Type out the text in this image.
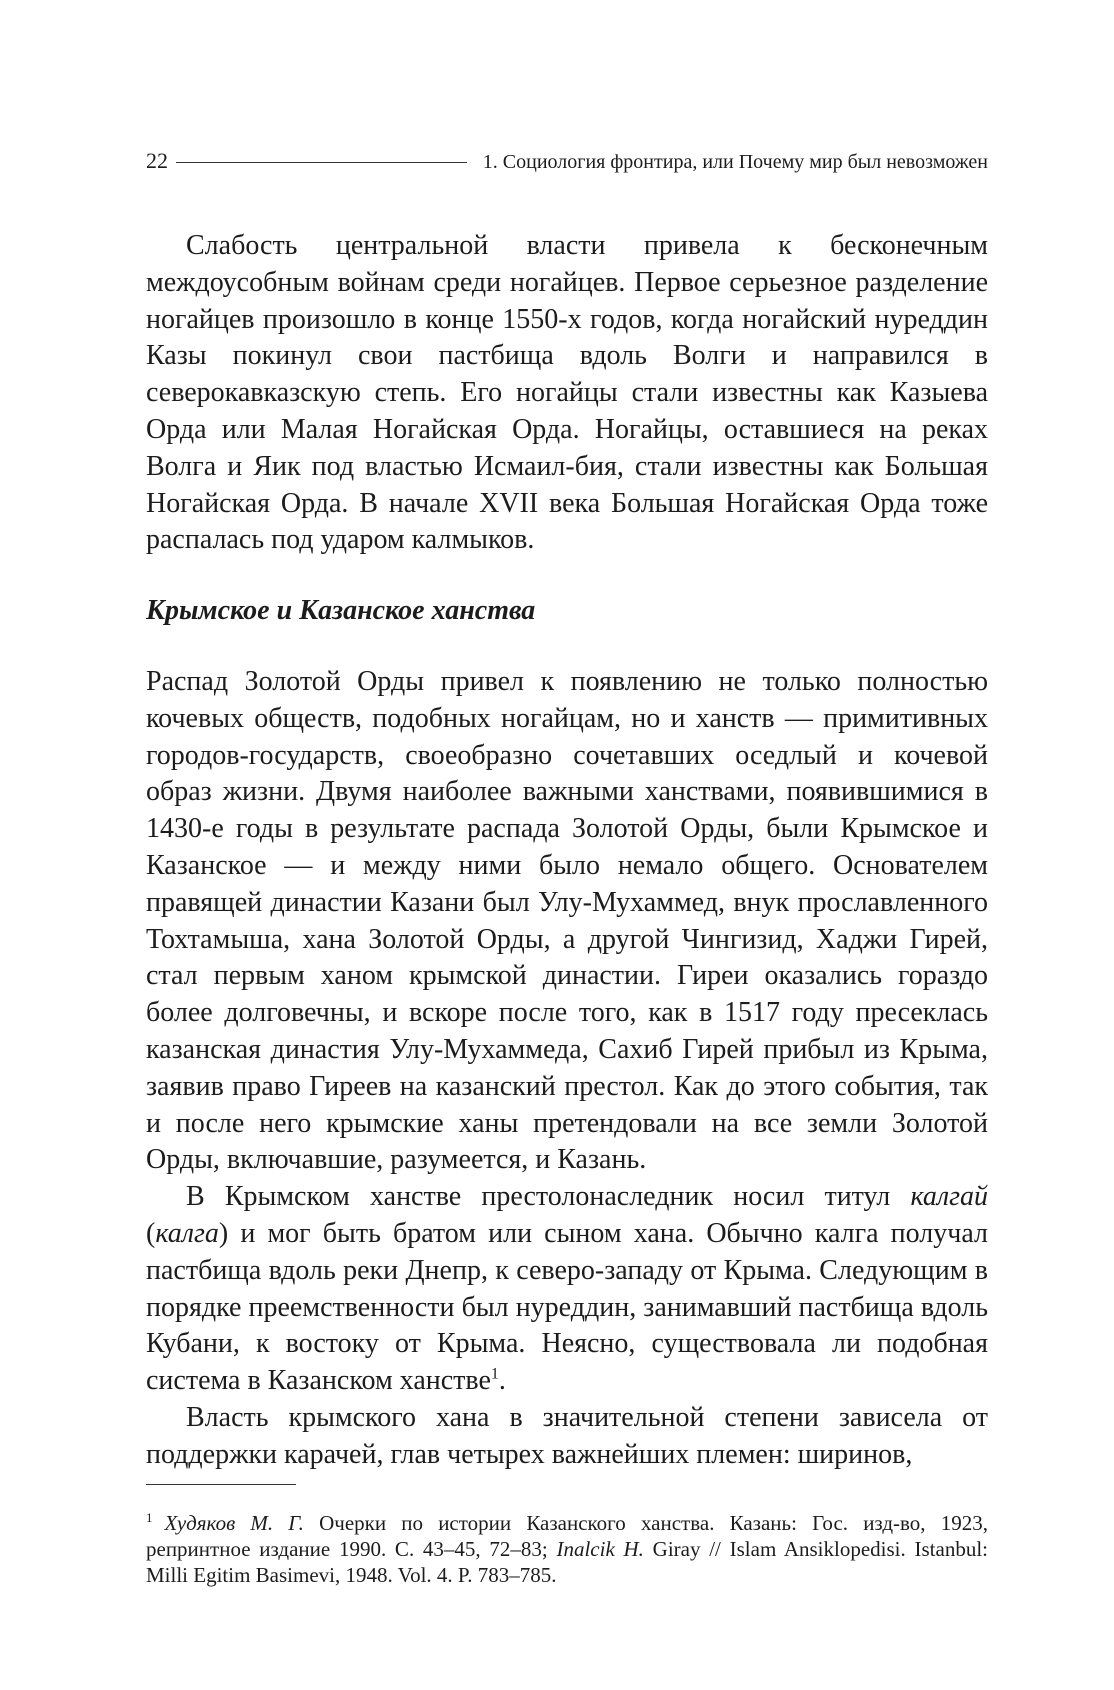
22	1. Социология фронтира, или Почему мир был невозможен

Слабость центральной власти привела к бесконечным междоусобным войнам среди ногайцев. Первое серьезное разделение ногайцев произошло в конце 1550-х годов, когда ногайский нуреддин Казы покинул свои пастбища вдоль Волги и направился в северокавказскую степь. Его ногайцы стали известны как Казыева Орда или Малая Ногайская Орда. Ногайцы, оставшиеся на реках Волга и Яик под властью Исмаил-бия, стали известны как Большая Ногайская Орда. В начале XVII века Большая Ногайская Орда тоже распалась под ударом калмыков.

Крымское и Казанское ханства

Распад Золотой Орды привел к появлению не только полностью кочевых обществ, подобных ногайцам, но и ханств — примитивных городов-государств, своеобразно сочетавших оседлый и кочевой образ жизни. Двумя наиболее важными ханствами, появившимися в 1430-е годы в результате распада Золотой Орды, были Крымское и Казанское — и между ними было немало общего. Основателем правящей династии Казани был Улу-Мухаммед, внук прославленного Тохтамыша, хана Золотой Орды, а другой Чингизид, Хаджи Гирей, стал первым ханом крымской династии. Гиреи оказались гораздо более долговечны, и вскоре после того, как в 1517 году пресеклась казанская династия Улу-Мухаммеда, Сахиб Гирей прибыл из Крыма, заявив право Гиреев на казанский престол. Как до этого события, так и после него крымские ханы претендовали на все земли Золотой Орды, включавшие, разумеется, и Казань.

В Крымском ханстве престолонаследник носил титул калгай (калга) и мог быть братом или сыном хана. Обычно калга получал пастбища вдоль реки Днепр, к северо-западу от Крыма. Следующим в порядке преемственности был нуреддин, занимавший пастбища вдоль Кубани, к востоку от Крыма. Неясно, существовала ли подобная система в Казанском ханстве$^1$.

Власть крымского хана в значительной степени зависела от поддержки карачей, глав четырех важнейших племен: ширинов,

$^1$ Худяков М. Г. Очерки по истории Казанского ханства. Казань: Гос. изд-во, 1923, репринтное издание 1990. С. 43–45, 72–83; Inalcik H. Giray // Islam Ansiklopedisi. Istanbul: Milli Egitim Basimevi, 1948. Vol. 4. P. 783–785.
